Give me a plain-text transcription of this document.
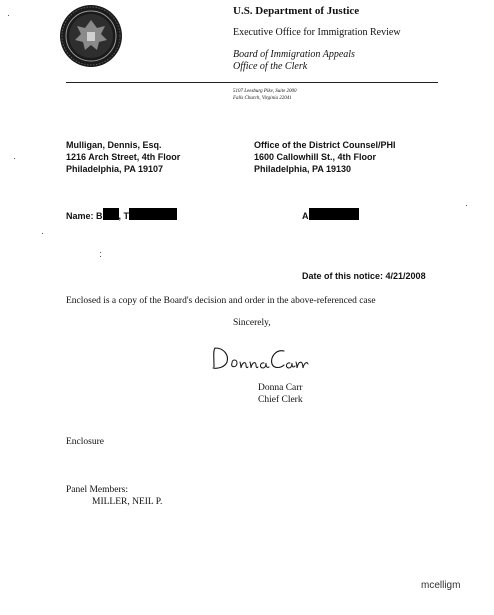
U.S. Department of Justice
Executive Office for Immigration Review
Board of Immigration Appeals
Office of the Clerk
5107 Leesburg Pike, Suite 2000
Falls Church, Virginia 22041
Mulligan, Dennis, Esq.
1216 Arch Street, 4th Floor
Philadelphia, PA 19107
Office of the District Counsel/PHI
1600 Callowhill St., 4th Floor
Philadelphia, PA 19130
Name: B , T	A
Date of this notice: 4/21/2008
Enclosed is a copy of the Board's decision and order in the above-referenced case
Sincerely,
Donna Carr
Chief Clerk
Enclosure
Panel Members:
MILLER, NEIL P.
mcelligm
